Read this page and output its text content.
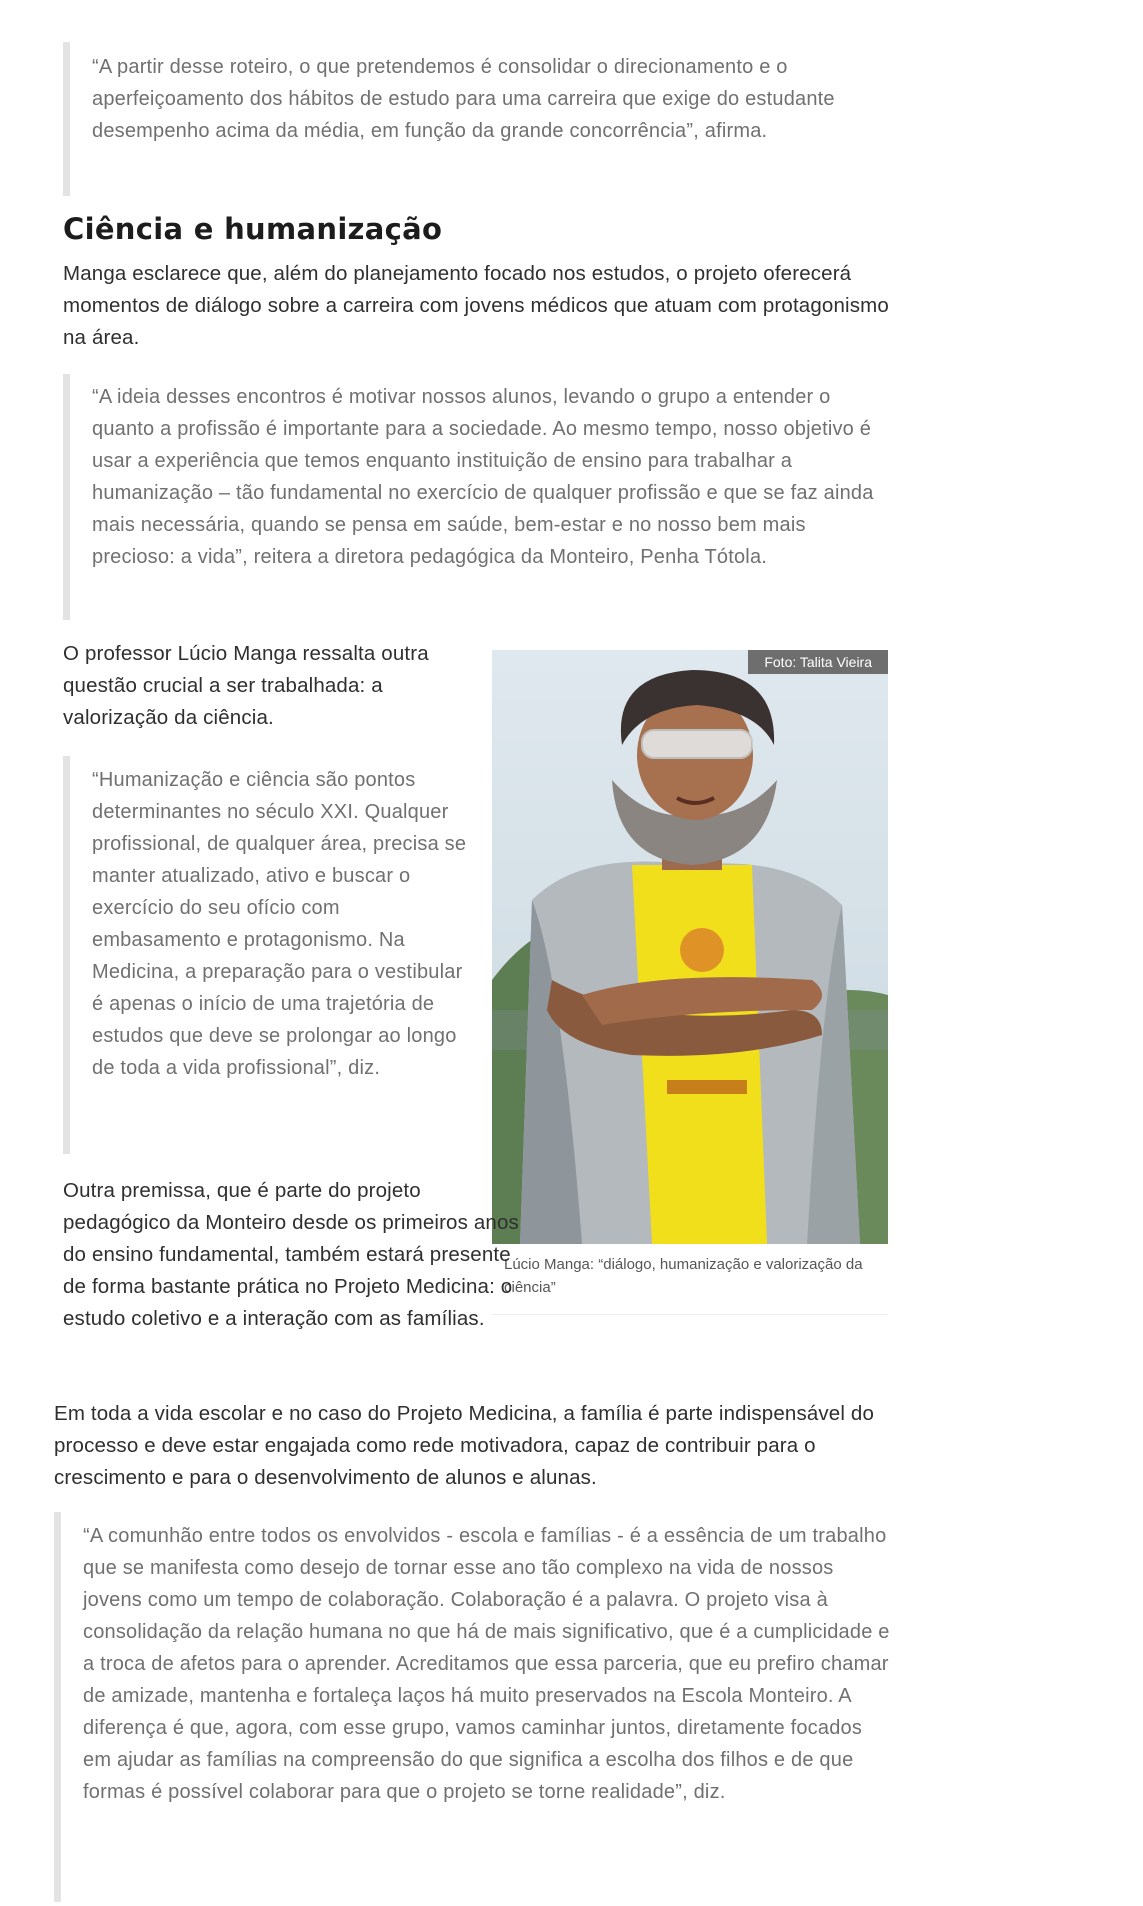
“A partir desse roteiro, o que pretendemos é consolidar o direcionamento e o aperfeiçoamento dos hábitos de estudo para uma carreira que exige do estudante desempenho acima da média, em função da grande concorrência”, afirma.

Ciência e humanização

Manga esclarece que, além do planejamento focado nos estudos, o projeto oferecerá momentos de diálogo sobre a carreira com jovens médicos que atuam com protagonismo na área.

“A ideia desses encontros é motivar nossos alunos, levando o grupo a entender o quanto a profissão é importante para a sociedade. Ao mesmo tempo, nosso objetivo é usar a experiência que temos enquanto instituição de ensino para trabalhar a humanização – tão fundamental no exercício de qualquer profissão e que se faz ainda mais necessária, quando se pensa em saúde, bem-estar e no nosso bem mais precioso: a vida”, reitera a diretora pedagógica da Monteiro, Penha Tótola.

O professor Lúcio Manga ressalta outra questão crucial a ser trabalhada: a valorização da ciência.

“Humanização e ciência são pontos determinantes no século XXI. Qualquer profissional, de qualquer área, precisa se manter atualizado, ativo e buscar o exercício do seu ofício com embasamento e protagonismo. Na Medicina, a preparação para o vestibular é apenas o início de uma trajetória de estudos que deve se prolongar ao longo de toda a vida profissional”, diz.

Foto: Talita Vieira
Lúcio Manga: “diálogo, humanização e valorização da ciência”

Outra premissa, que é parte do projeto pedagógico da Monteiro desde os primeiros anos do ensino fundamental, também estará presente de forma bastante prática no Projeto Medicina: o estudo coletivo e a interação com as famílias.

Em toda a vida escolar e no caso do Projeto Medicina, a família é parte indispensável do processo e deve estar engajada como rede motivadora, capaz de contribuir para o crescimento e para o desenvolvimento de alunos e alunas.

“A comunhão entre todos os envolvidos - escola e famílias - é a essência de um trabalho que se manifesta como desejo de tornar esse ano tão complexo na vida de nossos jovens como um tempo de colaboração. Colaboração é a palavra. O projeto visa à consolidação da relação humana no que há de mais significativo, que é a cumplicidade e a troca de afetos para o aprender. Acreditamos que essa parceria, que eu prefiro chamar de amizade, mantenha e fortaleça laços há muito preservados na Escola Monteiro. A diferença é que, agora, com esse grupo, vamos caminhar juntos, diretamente focados em ajudar as famílias na compreensão do que significa a escolha dos filhos e de que formas é possível colaborar para que o projeto se torne realidade”, diz.
